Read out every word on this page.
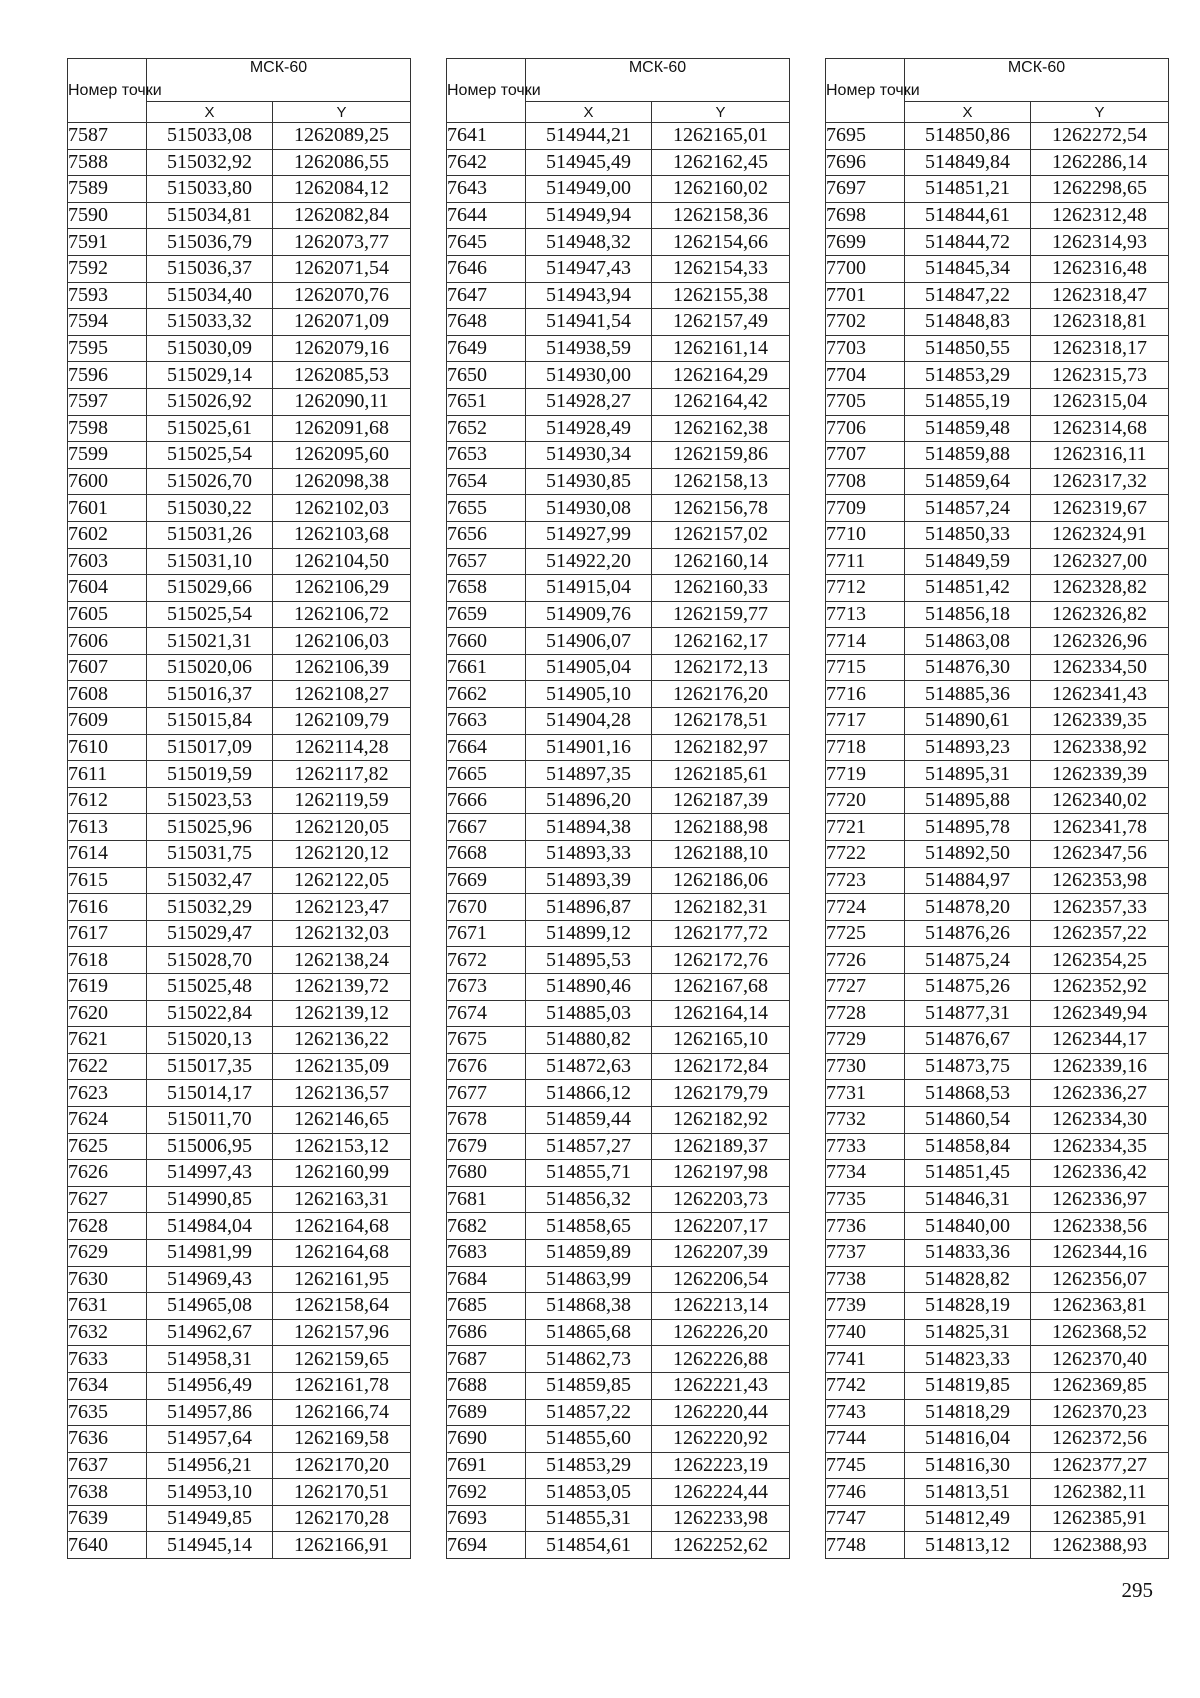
Номер точки	МСК-60	
	X	Y
7587	515033,08	1262089,25
7588	515032,92	1262086,55
7589	515033,80	1262084,12
7590	515034,81	1262082,84
7591	515036,79	1262073,77
7592	515036,37	1262071,54
7593	515034,40	1262070,76
7594	515033,32	1262071,09
7595	515030,09	1262079,16
7596	515029,14	1262085,53
7597	515026,92	1262090,11
7598	515025,61	1262091,68
7599	515025,54	1262095,60
7600	515026,70	1262098,38
7601	515030,22	1262102,03
7602	515031,26	1262103,68
7603	515031,10	1262104,50
7604	515029,66	1262106,29
7605	515025,54	1262106,72
7606	515021,31	1262106,03
7607	515020,06	1262106,39
7608	515016,37	1262108,27
7609	515015,84	1262109,79
7610	515017,09	1262114,28
7611	515019,59	1262117,82
7612	515023,53	1262119,59
7613	515025,96	1262120,05
7614	515031,75	1262120,12
7615	515032,47	1262122,05
7616	515032,29	1262123,47
7617	515029,47	1262132,03
7618	515028,70	1262138,24
7619	515025,48	1262139,72
7620	515022,84	1262139,12
7621	515020,13	1262136,22
7622	515017,35	1262135,09
7623	515014,17	1262136,57
7624	515011,70	1262146,65
7625	515006,95	1262153,12
7626	514997,43	1262160,99
7627	514990,85	1262163,31
7628	514984,04	1262164,68
7629	514981,99	1262164,68
7630	514969,43	1262161,95
7631	514965,08	1262158,64
7632	514962,67	1262157,96
7633	514958,31	1262159,65
7634	514956,49	1262161,78
7635	514957,86	1262166,74
7636	514957,64	1262169,58
7637	514956,21	1262170,20
7638	514953,10	1262170,51
7639	514949,85	1262170,28
7640	514945,14	1262166,91
Номер точки	МСК-60	
	X	Y
7641	514944,21	1262165,01
7642	514945,49	1262162,45
7643	514949,00	1262160,02
7644	514949,94	1262158,36
7645	514948,32	1262154,66
7646	514947,43	1262154,33
7647	514943,94	1262155,38
7648	514941,54	1262157,49
7649	514938,59	1262161,14
7650	514930,00	1262164,29
7651	514928,27	1262164,42
7652	514928,49	1262162,38
7653	514930,34	1262159,86
7654	514930,85	1262158,13
7655	514930,08	1262156,78
7656	514927,99	1262157,02
7657	514922,20	1262160,14
7658	514915,04	1262160,33
7659	514909,76	1262159,77
7660	514906,07	1262162,17
7661	514905,04	1262172,13
7662	514905,10	1262176,20
7663	514904,28	1262178,51
7664	514901,16	1262182,97
7665	514897,35	1262185,61
7666	514896,20	1262187,39
7667	514894,38	1262188,98
7668	514893,33	1262188,10
7669	514893,39	1262186,06
7670	514896,87	1262182,31
7671	514899,12	1262177,72
7672	514895,53	1262172,76
7673	514890,46	1262167,68
7674	514885,03	1262164,14
7675	514880,82	1262165,10
7676	514872,63	1262172,84
7677	514866,12	1262179,79
7678	514859,44	1262182,92
7679	514857,27	1262189,37
7680	514855,71	1262197,98
7681	514856,32	1262203,73
7682	514858,65	1262207,17
7683	514859,89	1262207,39
7684	514863,99	1262206,54
7685	514868,38	1262213,14
7686	514865,68	1262226,20
7687	514862,73	1262226,88
7688	514859,85	1262221,43
7689	514857,22	1262220,44
7690	514855,60	1262220,92
7691	514853,29	1262223,19
7692	514853,05	1262224,44
7693	514855,31	1262233,98
7694	514854,61	1262252,62
Номер точки	МСК-60	
	X	Y
7695	514850,86	1262272,54
7696	514849,84	1262286,14
7697	514851,21	1262298,65
7698	514844,61	1262312,48
7699	514844,72	1262314,93
7700	514845,34	1262316,48
7701	514847,22	1262318,47
7702	514848,83	1262318,81
7703	514850,55	1262318,17
7704	514853,29	1262315,73
7705	514855,19	1262315,04
7706	514859,48	1262314,68
7707	514859,88	1262316,11
7708	514859,64	1262317,32
7709	514857,24	1262319,67
7710	514850,33	1262324,91
7711	514849,59	1262327,00
7712	514851,42	1262328,82
7713	514856,18	1262326,82
7714	514863,08	1262326,96
7715	514876,30	1262334,50
7716	514885,36	1262341,43
7717	514890,61	1262339,35
7718	514893,23	1262338,92
7719	514895,31	1262339,39
7720	514895,88	1262340,02
7721	514895,78	1262341,78
7722	514892,50	1262347,56
7723	514884,97	1262353,98
7724	514878,20	1262357,33
7725	514876,26	1262357,22
7726	514875,24	1262354,25
7727	514875,26	1262352,92
7728	514877,31	1262349,94
7729	514876,67	1262344,17
7730	514873,75	1262339,16
7731	514868,53	1262336,27
7732	514860,54	1262334,30
7733	514858,84	1262334,35
7734	514851,45	1262336,42
7735	514846,31	1262336,97
7736	514840,00	1262338,56
7737	514833,36	1262344,16
7738	514828,82	1262356,07
7739	514828,19	1262363,81
7740	514825,31	1262368,52
7741	514823,33	1262370,40
7742	514819,85	1262369,85
7743	514818,29	1262370,23
7744	514816,04	1262372,56
7745	514816,30	1262377,27
7746	514813,51	1262382,11
7747	514812,49	1262385,91
7748	514813,12	1262388,93
295
